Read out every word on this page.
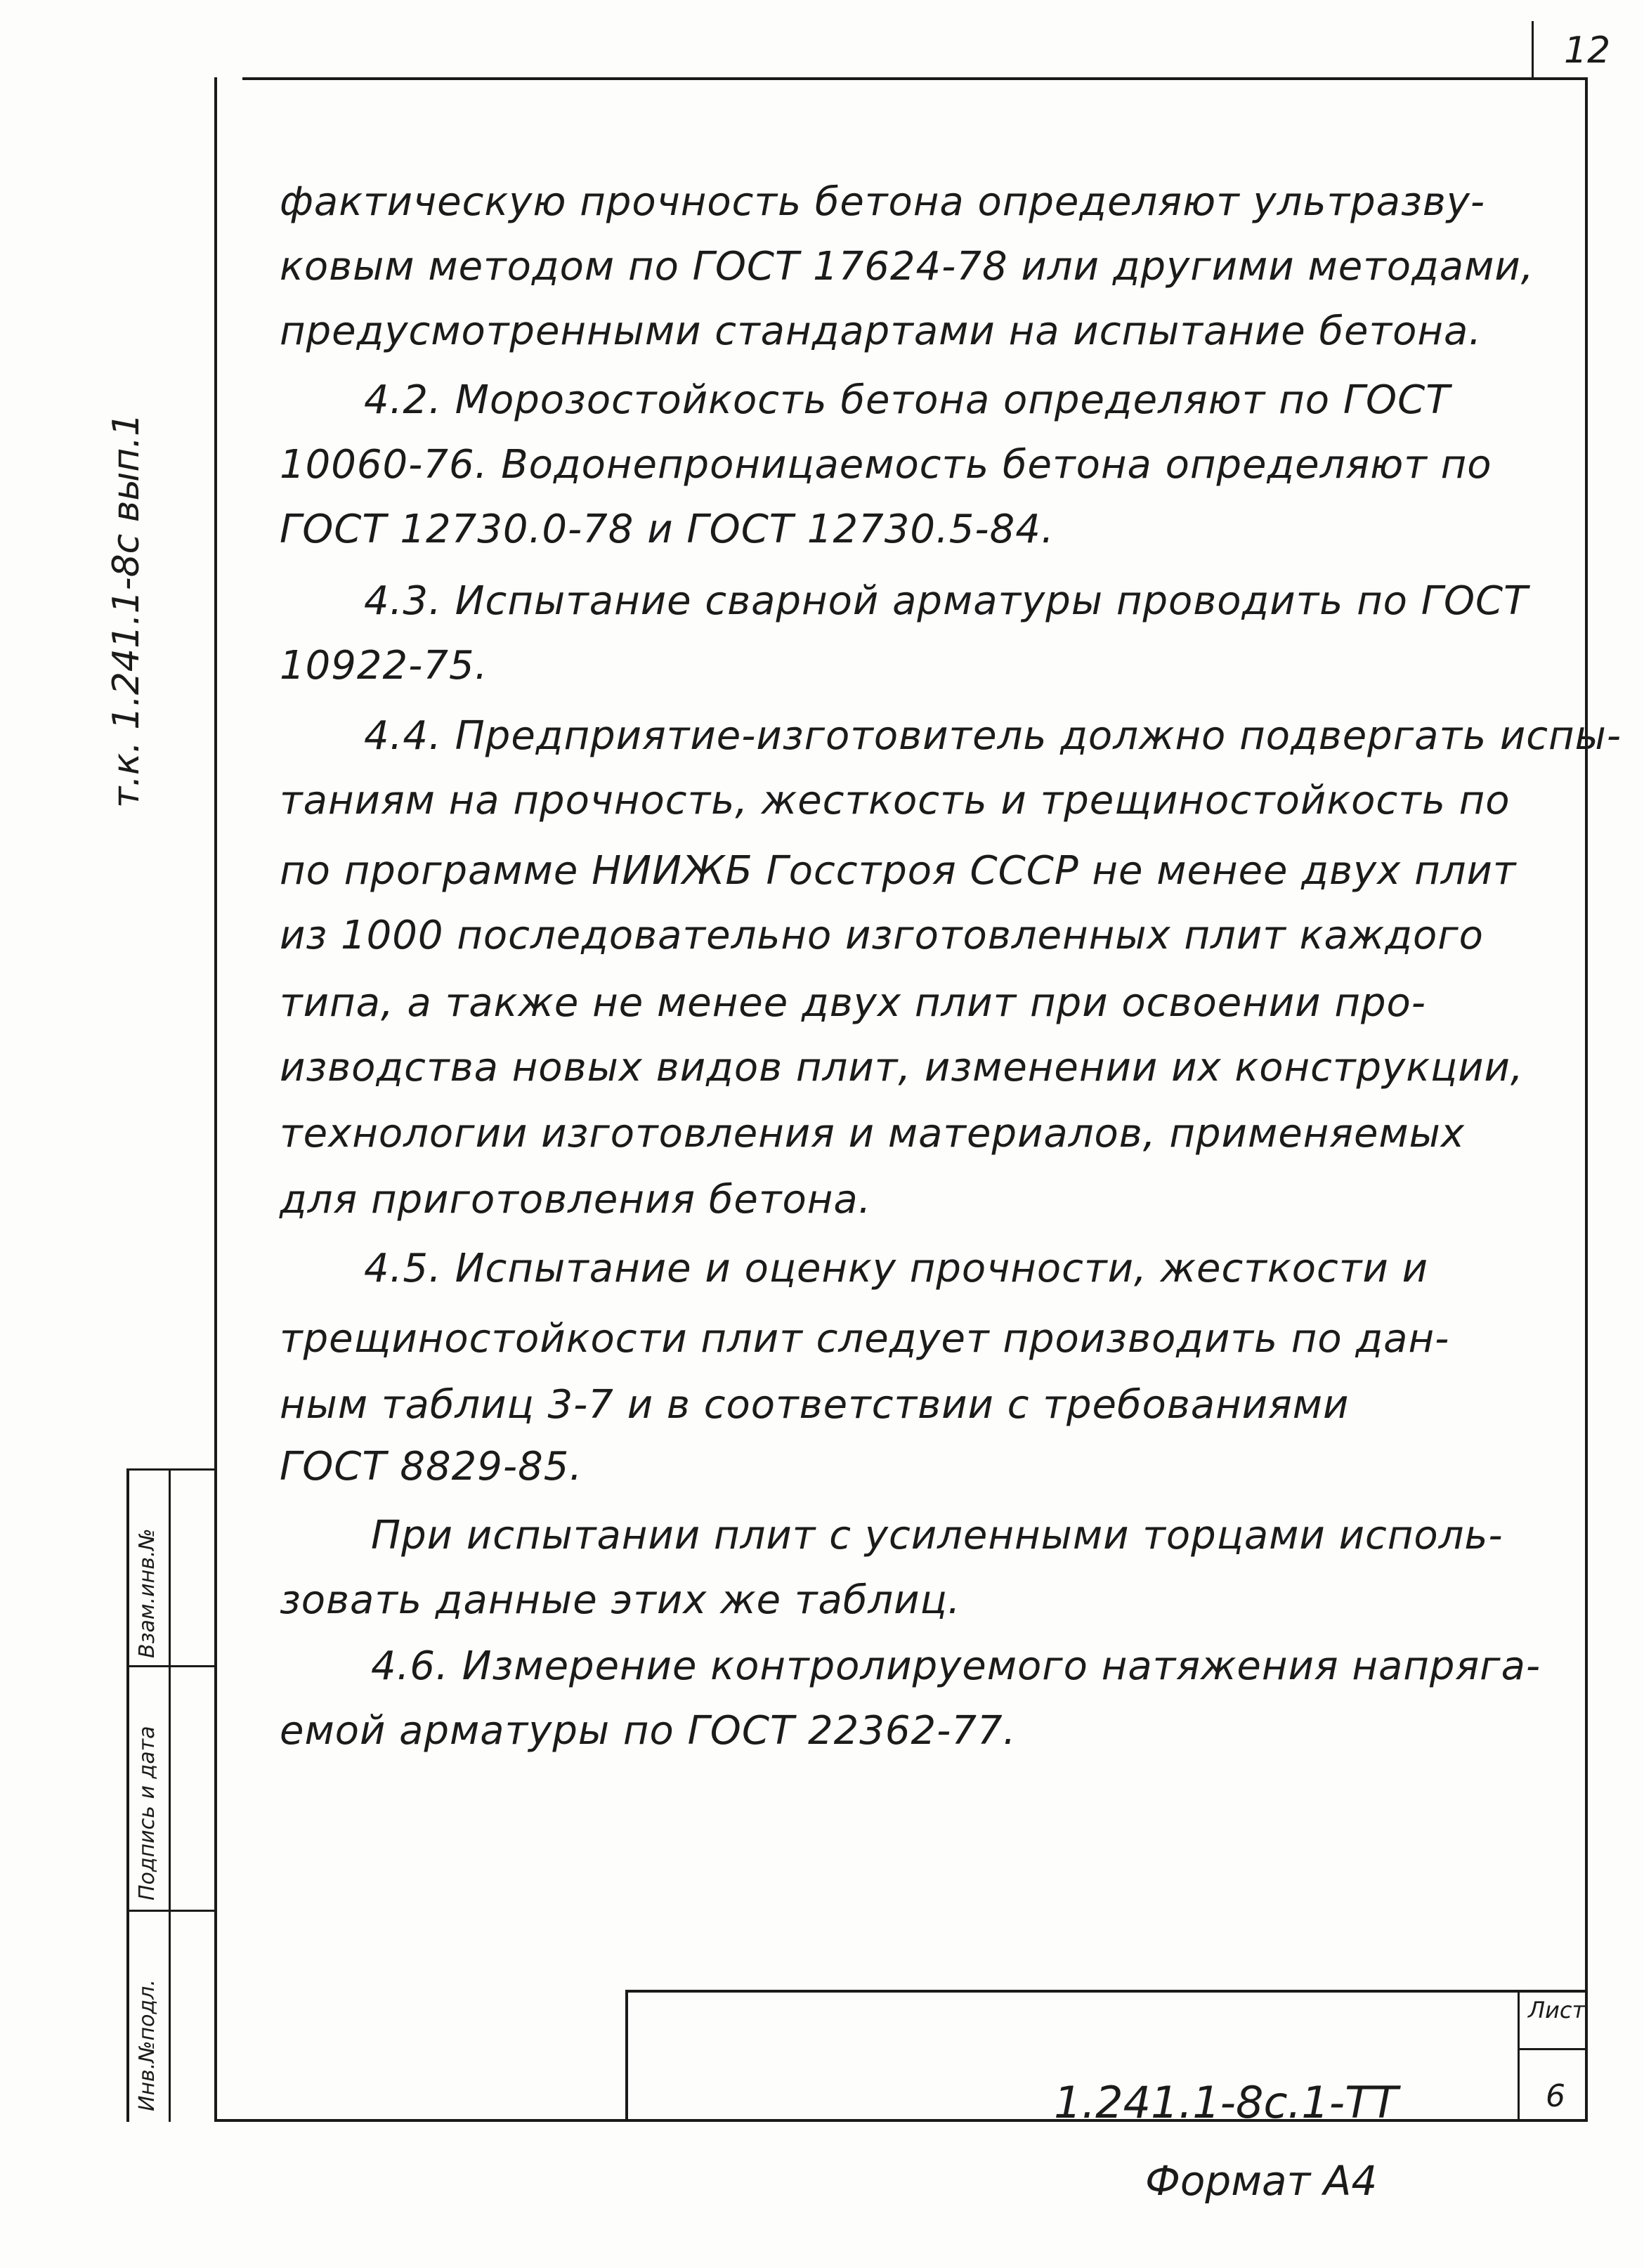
12
т.к. 1.241.1-8с вып.1
Инв.№подл.
Подпись и дата
Взам.инв.№
фактическую прочность бетона определяют ультразву-
ковым методом по ГОСТ 17624-78 или другими методами,
предусмотренными стандартами на испытание бетона.
4.2. Морозостойкость бетона определяют по ГОСТ
10060-76. Водонепроницаемость бетона определяют по
ГОСТ 12730.0-78 и ГОСТ 12730.5-84.
4.3. Испытание сварной арматуры проводить по ГОСТ
10922-75.
4.4. Предприятие-изготовитель должно подвергать испы-
таниям на прочность, жесткость и трещиностойкость по
по программе НИИЖБ Госстроя СССР не менее двух плит
из 1000 последовательно изготовленных плит каждого
типа, а также не менее двух плит при освоении про-
изводства новых видов плит, изменении их конструкции,
технологии изготовления и материалов, применяемых
для приготовления бетона.
4.5. Испытание и оценку прочности, жесткости и
трещиностойкости плит следует производить по дан-
ным таблиц 3-7 и в соответствии с требованиями
ГОСТ 8829-85.
При испытании плит с усиленными торцами исполь-
зовать данные этих же таблиц.
4.6. Измерение контролируемого натяжения напрягa-
емой арматуры по ГОСТ 22362-77.
1.241.1-8с.1-ТТ
Лист
6
Формат А4
